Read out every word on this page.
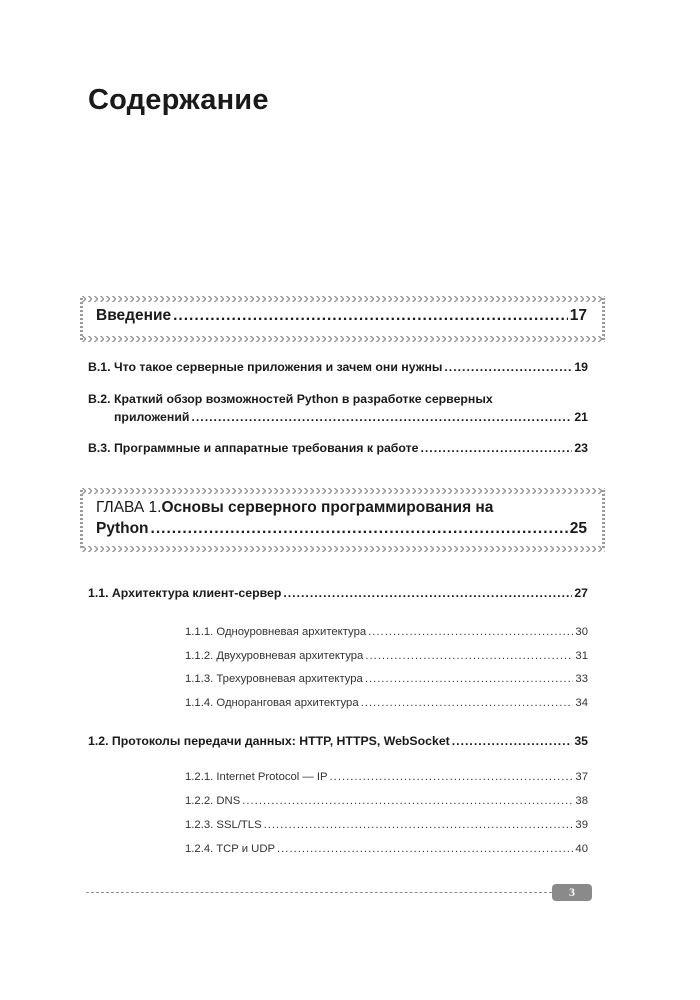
Содержание
Введение .....	17
В.1. Что такое серверные приложения и зачем они нужны .....	19
В.2. Краткий обзор возможностей Python в разработке серверных
приложений .....	21
В.3. Программные и аппаратные требования к работе .....	23
ГЛАВА 1.Основы серверного программирования на
Python .....	25
1.1. Архитектура клиент-сервер .....	27
1.1.1. Одноуровневая архитектура .....	30
1.1.2. Двухуровневая архитектура .....	31
1.1.3. Трехуровневая архитектура .....	33
1.1.4. Одноранговая архитектура .....	34
1.2. Протоколы передачи данных: HTTP, HTTPS, WebSocket .....	35
1.2.1. Internet Protocol — IP .....	37
1.2.2. DNS .....	38
1.2.3. SSL/TLS .....	39
1.2.4. TCP и UDP .....	40
3
